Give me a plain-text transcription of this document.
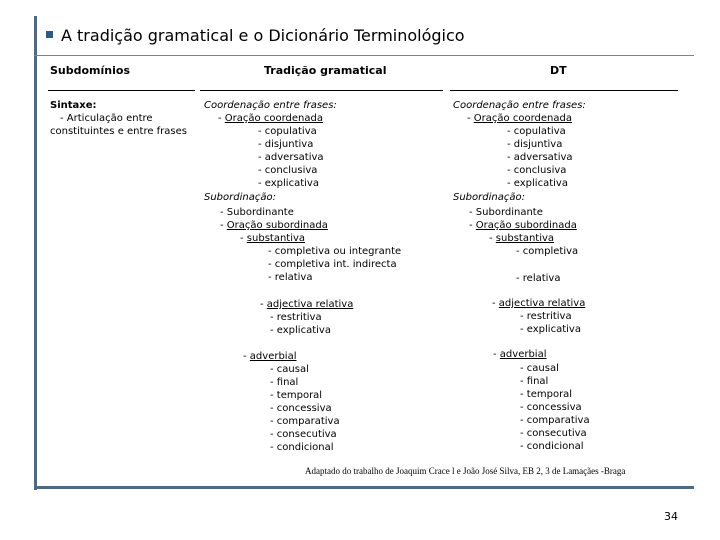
A tradição gramatical e o Dicionário Terminológico
Subdomínios	Tradição gramatical	DT
Sintaxe:
- Articulação entre
constituintes e entre frases
Coordenação entre frases:
- Oração coordenada
- copulativa
- disjuntiva
- adversativa
- conclusiva
- explicativa
Subordinação:
- Subordinante
- Oração subordinada
- substantiva
- completiva ou integrante
- completiva int. indirecta
- relativa
- adjectiva relativa
- restritiva
- explicativa
- adverbial
- causal
- final
- temporal
- concessiva
- comparativa
- consecutiva
- condicional
Coordenação entre frases:
- Oração coordenada
- copulativa
- disjuntiva
- adversativa
- conclusiva
- explicativa
Subordinação:
- Subordinante
- Oração subordinada
- substantiva
- completiva
- relativa
- adjectiva relativa
- restritiva
- explicativa
- adverbial
- causal
- final
- temporal
- concessiva
- comparativa
- consecutiva
- condicional
Adaptado do trabalho de Joaquim Crace l e João José Silva, EB 2, 3 de Lamaçães -Braga
34
